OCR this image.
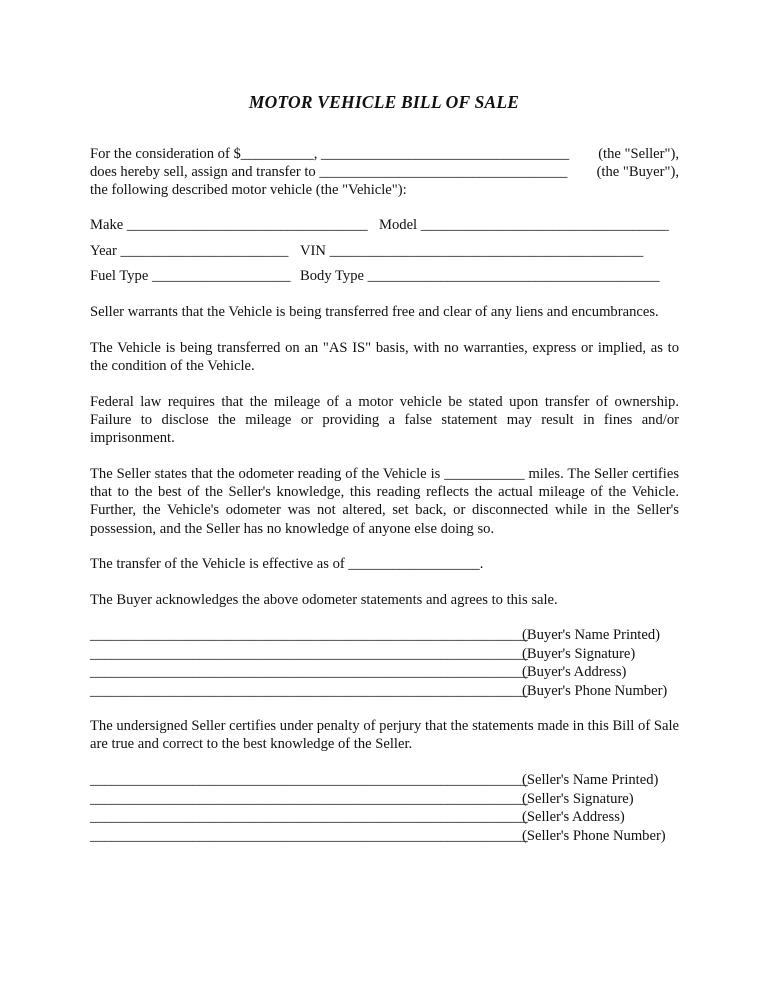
MOTOR VEHICLE BILL OF SALE
For the consideration of $__________, __________________________________ (the "Seller"),
does hereby sell, assign and transfer to __________________________________ (the "Buyer"),
the following described motor vehicle (the "Vehicle"):
Make _________________________________ Model __________________________________
Year _______________________ VIN ___________________________________________
Fuel Type ___________________ Body Type ________________________________________

Seller warrants that the Vehicle is being transferred free and clear of any liens and encumbrances.

The Vehicle is being transferred on an "AS IS" basis, with no warranties, express or implied, as to the condition of the Vehicle.

Federal law requires that the mileage of a motor vehicle be stated upon transfer of ownership. Failure to disclose the mileage or providing a false statement may result in fines and/or imprisonment.

The Seller states that the odometer reading of the Vehicle is ___________ miles. The Seller certifies that to the best of the Seller's knowledge, this reading reflects the actual mileage of the Vehicle. Further, the Vehicle's odometer was not altered, set back, or disconnected while in the Seller's possession, and the Seller has no knowledge of anyone else doing so.

The transfer of the Vehicle is effective as of __________________.

The Buyer acknowledges the above odometer statements and agrees to this sale.

____________________________________________________________
(Buyer's Name Printed)
____________________________________________________________
(Buyer's Signature)
____________________________________________________________
(Buyer's Address)
____________________________________________________________
(Buyer's Phone Number)

The undersigned Seller certifies under penalty of perjury that the statements made in this Bill of Sale are true and correct to the best knowledge of the Seller.

____________________________________________________________
(Seller's Name Printed)
____________________________________________________________
(Seller's Signature)
____________________________________________________________
(Seller's Address)
____________________________________________________________
(Seller's Phone Number)
